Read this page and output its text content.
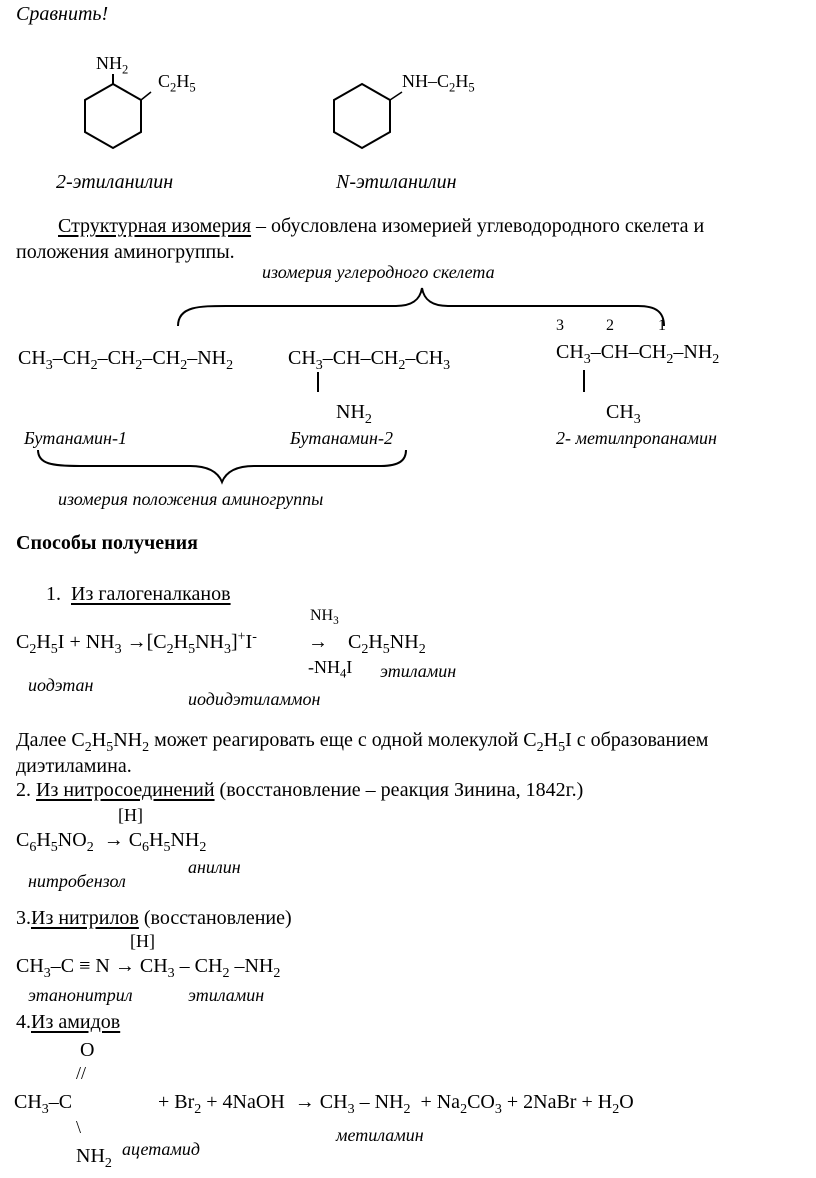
Сравнить!
$NH_2$
$C_2H_5$
2-этиланилин
$NH-C_2H_5$
N-этиланилин
Структурная изомерия – обусловлена изомерией углеводородного скелета и
положения аминогруппы.
изомерия углеродного скелета
$CH_3-CH_2-CH_2-CH_2-NH_2$	$CH_3-CH-CH_2-CH_3$
$NH_2$
3	2	1
$CH_3-CH-CH_2-NH_2$
$CH_3$
Бутанамин-1	Бутанамин-2	2- метилпропанамин
изомерия положения аминогруппы
Способы получения
1. Из галогеналканов
$NH_3$
$C_2H_5I + NH_3 \to[C_2H_5NH_3]^+I^-$	→ $C_2H_5NH_2$
$-NH_4I$ этиламин
иодэтан
иодидэтиламмон
Далее $C_2H_5NH_2$ может реагировать еще с одной молекулой $C_2H_5I$ с образованием
диэтиламина.
2. Из нитросоединений (восстановление – реакция Зинина, 1842г.)
[H]
$C_6H_5NO_2 \to C_6H_5NH_2$
анилин
нитробензол
3.Из нитрилов (восстановление)
[H]
$CH_3-C \equiv N \to CH_3 - CH_2$ $-NH_2$
этанонитрил	этиламин
4.Из амидов
O
//
$CH_3-C$
\
$NH_2$
ацетамид
+ $Br_2$ + 4NaOH  → $CH_3 - NH_2 + Na_2CO_3$ + 2NaBr + $H_2O$
метиламин
